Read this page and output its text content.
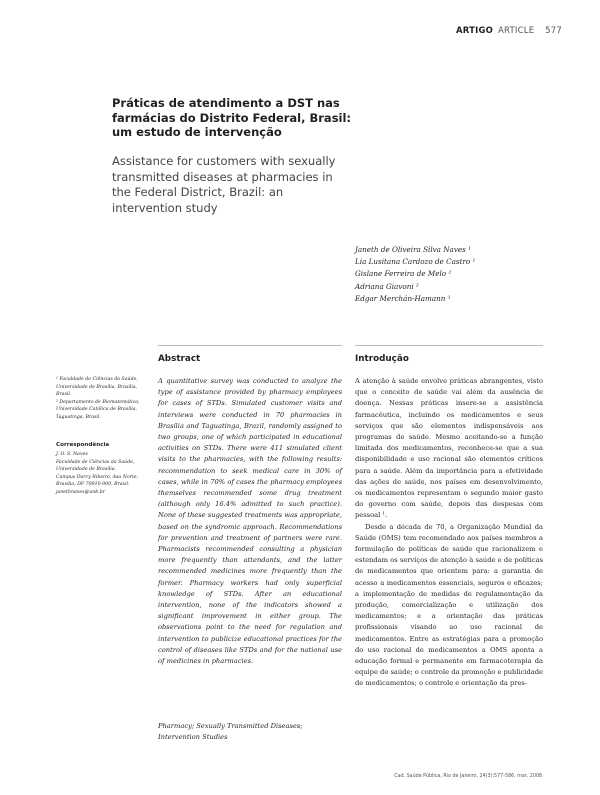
ARTIGO ARTICLE 577
Práticas de atendimento a DST nas farmácias do Distrito Federal, Brasil: um estudo de intervenção
Assistance for customers with sexually transmitted diseases at pharmacies in the Federal District, Brazil: an intervention study
Janeth de Oliveira Silva Naves ¹
Lia Lusitana Cardozo de Castro ¹
Gislane Ferreira de Melo ²
Adriana Giavoni ²
Edgar Merchán-Hamann ¹
Abstract	Introdução

¹ Faculdade de Ciências da Saúde, Universidade de Brasília, Brasília, Brasil.

² Departamento de Biomatemática, Universidade Católica de Brasília, Taguatinga, Brasil.

Correspondência

J. O. S. Naves

Faculdade de Ciências da Saúde, Universidade de Brasília.

Campus Darcy Ribeiro, Asa Norte, Brasília, DF 70910-900, Brasil.

janethnaves@unb.br

A quantitative survey was conducted to analyze the type of assistance provided by pharmacy employees for cases of STDs. Simulated customer visits and interviews were conducted in 70 pharmacies in Brasília and Taguatinga, Brazil, randomly assigned to two groups, one of which participated in educational activities on STDs. There were 411 simulated client visits to the pharmacies, with the following results: recommendation to seek medical care in 30% of cases, while in 70% of cases the pharmacy employees themselves recommended some drug treatment (although only 16.4% admitted to such practice). None of these suggested treatments was appropriate, based on the syndromic approach. Recommendations for prevention and treatment of partners were rare. Pharmacists recommended consulting a physician more frequently than attendants, and the latter recommended medicines more frequently than the former. Pharmacy workers had only superficial knowledge of STDs. After an educational intervention, none of the indicators showed a significant improvement in either group. The observations point to the need for regulation and intervention to publicize educational practices for the control of diseases like STDs and for the national use of medicines in pharmacies.

Pharmacy; Sexually Transmitted Diseases; Intervention Studies

A atenção à saúde envolve práticas abrangentes, visto que o conceito de saúde vai além da ausência de doença. Nessas práticas insere-se a assistência farmacêutica, incluindo os medicamentos e seus serviços que são elementos indispensáveis aos programas de saúde. Mesmo aceitando-se a função limitada dos medicamentos, reconhece-se que a sua disponibilidade e uso racional são elementos críticos para a saúde. Além da importância para a efetividade das ações de saúde, nos países em desenvolvimento, os medicamentos representam o segundo maior gasto do governo com saúde, depois das despesas com pessoal ¹.

Desde a década de 70, a Organização Mundial da Saúde (OMS) tem recomendado aos países membros a formulação de políticas de saúde que racionalizem e estendam os serviços de atenção à saúde e de políticas de medicamentos que orientem para: a garantia de acesso a medicamentos essenciais, seguros e eficazes; a implementação de medidas de regulamentação da produção, comercialização e utilização dos medicamentos; e a orientação das práticas profissionais visando ao uso racional de medicamentos. Entre as estratégias para a promoção do uso racional de medicamentos a OMS aponta a educação formal e permanente em farmacoterapia da equipe de saúde; o controle da promoção e publicidade de medicamentos; o controle e orientação da pres-

Cad. Saúde Pública, Rio de Janeiro, 24(3):577-586, mar, 2008
